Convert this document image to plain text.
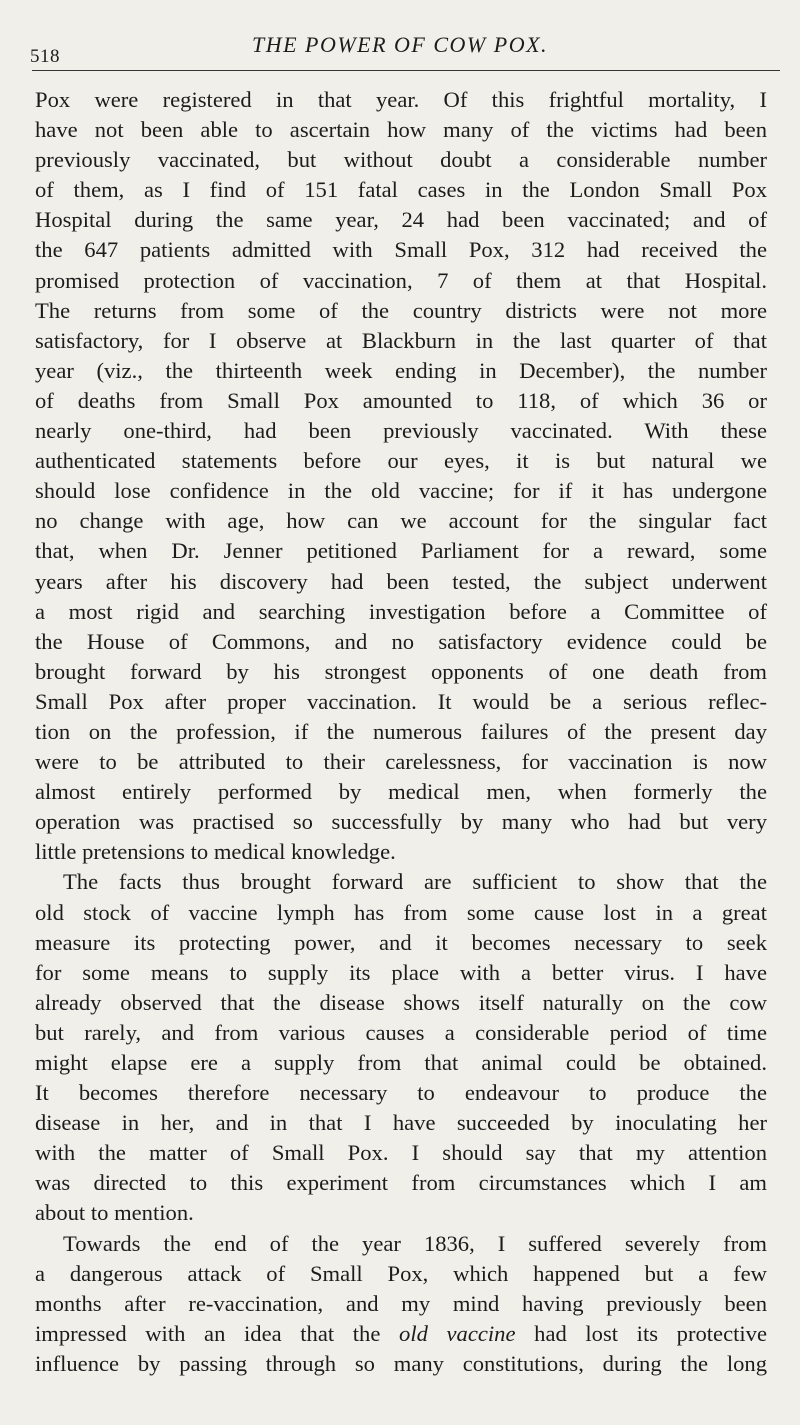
518	THE POWER OF COW POX.
Pox were registered in that year. Of this frightful mortality, I
have not been able to ascertain how many of the victims had been
previously vaccinated, but without doubt a considerable number
of them, as I find of 151 fatal cases in the London Small Pox
Hospital during the same year, 24 had been vaccinated; and of
the 647 patients admitted with Small Pox, 312 had received the
promised protection of vaccination, 7 of them at that Hospital.
The returns from some of the country districts were not more
satisfactory, for I observe at Blackburn in the last quarter of that
year (viz., the thirteenth week ending in December), the number
of deaths from Small Pox amounted to 118, of which 36 or
nearly one-third, had been previously vaccinated. With these
authenticated statements before our eyes, it is but natural we
should lose confidence in the old vaccine; for if it has undergone
no change with age, how can we account for the singular fact
that, when Dr. Jenner petitioned Parliament for a reward, some
years after his discovery had been tested, the subject underwent
a most rigid and searching investigation before a Committee of
the House of Commons, and no satisfactory evidence could be
brought forward by his strongest opponents of one death from
Small Pox after proper vaccination. It would be a serious reflec-
tion on the profession, if the numerous failures of the present day
were to be attributed to their carelessness, for vaccination is now
almost entirely performed by medical men, when formerly the
operation was practised so successfully by many who had but very
little pretensions to medical knowledge.
The facts thus brought forward are sufficient to show that the
old stock of vaccine lymph has from some cause lost in a great
measure its protecting power, and it becomes necessary to seek
for some means to supply its place with a better virus. I have
already observed that the disease shows itself naturally on the cow
but rarely, and from various causes a considerable period of time
might elapse ere a supply from that animal could be obtained.
It becomes therefore necessary to endeavour to produce the
disease in her, and in that I have succeeded by inoculating her
with the matter of Small Pox. I should say that my attention
was directed to this experiment from circumstances which I am
about to mention.
Towards the end of the year 1836, I suffered severely from
a dangerous attack of Small Pox, which happened but a few
months after re-vaccination, and my mind having previously been
impressed with an idea that the old vaccine had lost its protective
influence by passing through so many constitutions, during the long
